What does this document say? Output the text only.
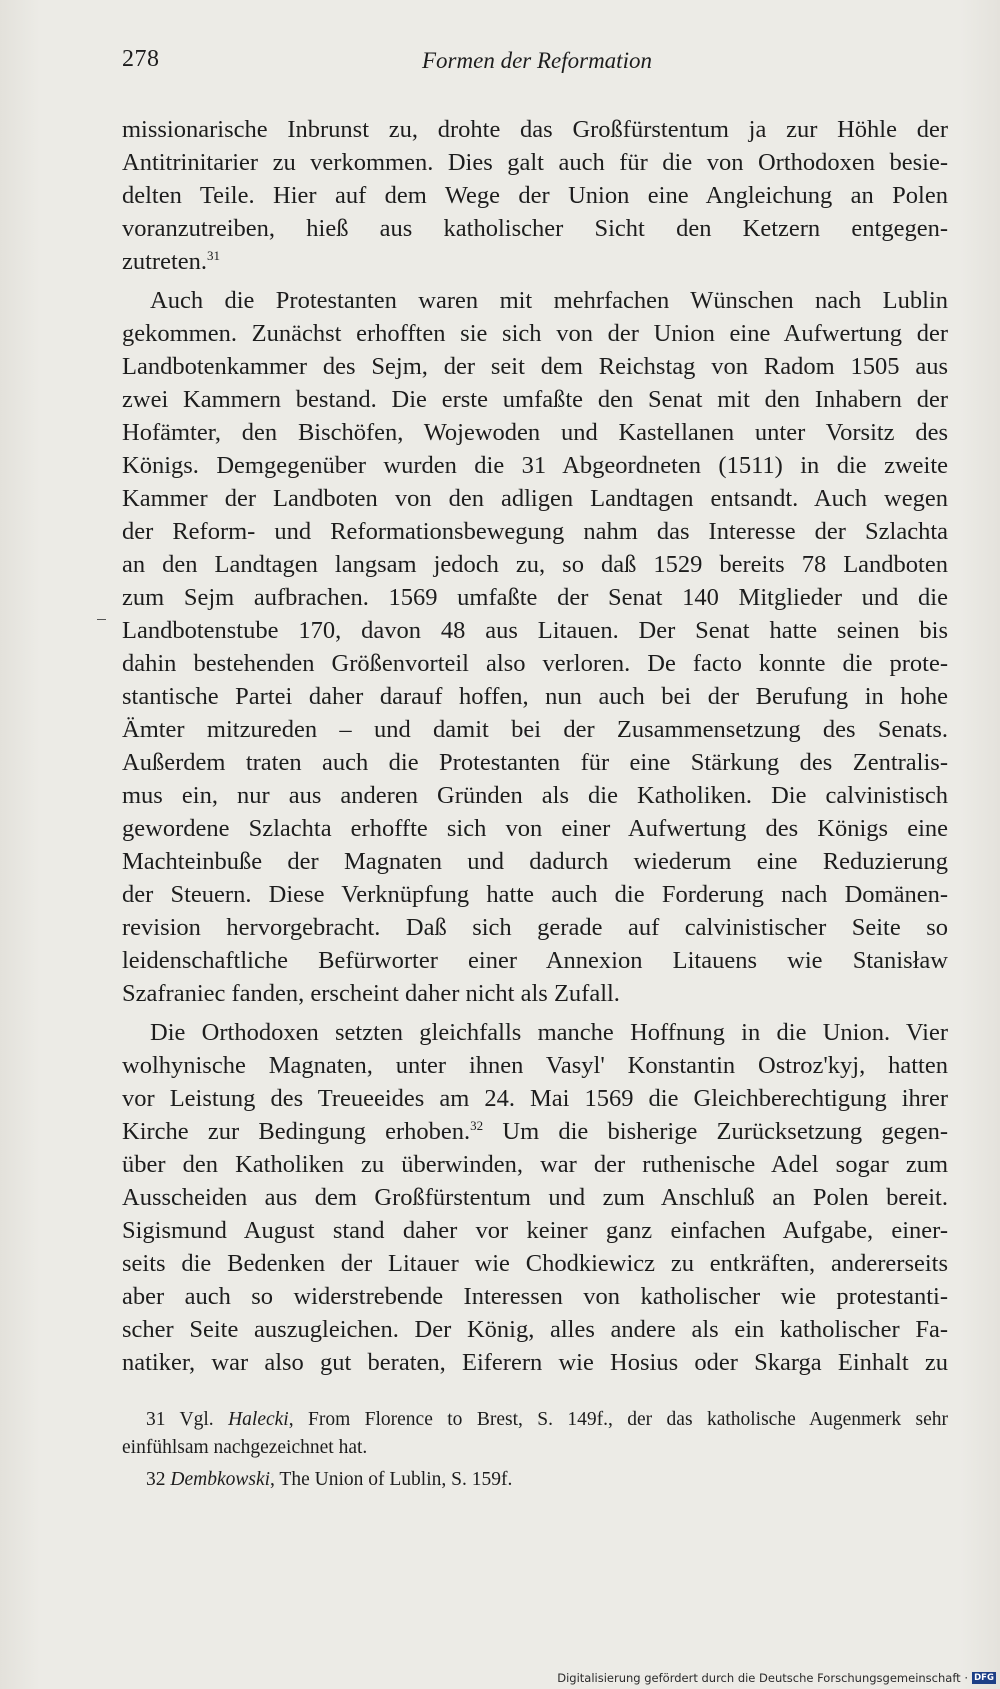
278	Formen der Reformation
missionarische Inbrunst zu, drohte das Großfürstentum ja zur Höhle der
Antitrinitarier zu verkommen. Dies galt auch für die von Orthodoxen besie-
delten Teile. Hier auf dem Wege der Union eine Angleichung an Polen
voranzutreiben, hieß aus katholischer Sicht den Ketzern entgegen-
zutreten.$^{31}$
Auch die Protestanten waren mit mehrfachen Wünschen nach Lublin
gekommen. Zunächst erhofften sie sich von der Union eine Aufwertung der
Landbotenkammer des Sejm, der seit dem Reichstag von Radom 1505 aus
zwei Kammern bestand. Die erste umfaßte den Senat mit den Inhabern der
Hofämter, den Bischöfen, Wojewoden und Kastellanen unter Vorsitz des
Königs. Demgegenüber wurden die 31 Abgeordneten (1511) in die zweite
Kammer der Landboten von den adligen Landtagen entsandt. Auch wegen
der Reform- und Reformationsbewegung nahm das Interesse der Szlachta
an den Landtagen langsam jedoch zu, so daß 1529 bereits 78 Landboten
zum Sejm aufbrachen. 1569 umfaßte der Senat 140 Mitglieder und die
Landbotenstube 170, davon 48 aus Litauen. Der Senat hatte seinen bis
dahin bestehenden Größenvorteil also verloren. De facto konnte die prote-
stantische Partei daher darauf hoffen, nun auch bei der Berufung in hohe
Ämter mitzureden – und damit bei der Zusammensetzung des Senats.
Außerdem traten auch die Protestanten für eine Stärkung des Zentralis-
mus ein, nur aus anderen Gründen als die Katholiken. Die calvinistisch
gewordene Szlachta erhoffte sich von einer Aufwertung des Königs eine
Machteinbuße der Magnaten und dadurch wiederum eine Reduzierung
der Steuern. Diese Verknüpfung hatte auch die Forderung nach Domänen-
revision hervorgebracht. Daß sich gerade auf calvinistischer Seite so
leidenschaftliche Befürworter einer Annexion Litauens wie Stanisław
Szafraniec fanden, erscheint daher nicht als Zufall.
Die Orthodoxen setzten gleichfalls manche Hoffnung in die Union. Vier
wolhynische Magnaten, unter ihnen Vasyl' Konstantin Ostroz'kyj, hatten
vor Leistung des Treueeides am 24. Mai 1569 die Gleichberechtigung ihrer
Kirche zur Bedingung erhoben.$^{32}$ Um die bisherige Zurücksetzung gegen-
über den Katholiken zu überwinden, war der ruthenische Adel sogar zum
Ausscheiden aus dem Großfürstentum und zum Anschluß an Polen bereit.
Sigismund August stand daher vor keiner ganz einfachen Aufgabe, einer-
seits die Bedenken der Litauer wie Chodkiewicz zu entkräften, andererseits
aber auch so widerstrebende Interessen von katholischer wie protestanti-
scher Seite auszugleichen. Der König, alles andere als ein katholischer Fa-
natiker, war also gut beraten, Eiferern wie Hosius oder Skarga Einhalt zu
31 Vgl. Halecki, From Florence to Brest, S. 149f., der das katholische Augenmerk sehr
einfühlsam nachgezeichnet hat.
32 Dembkowski, The Union of Lublin, S. 159f.
Digitalisierung gefördert durch die Deutsche Forschungsgemeinschaft · DFG
